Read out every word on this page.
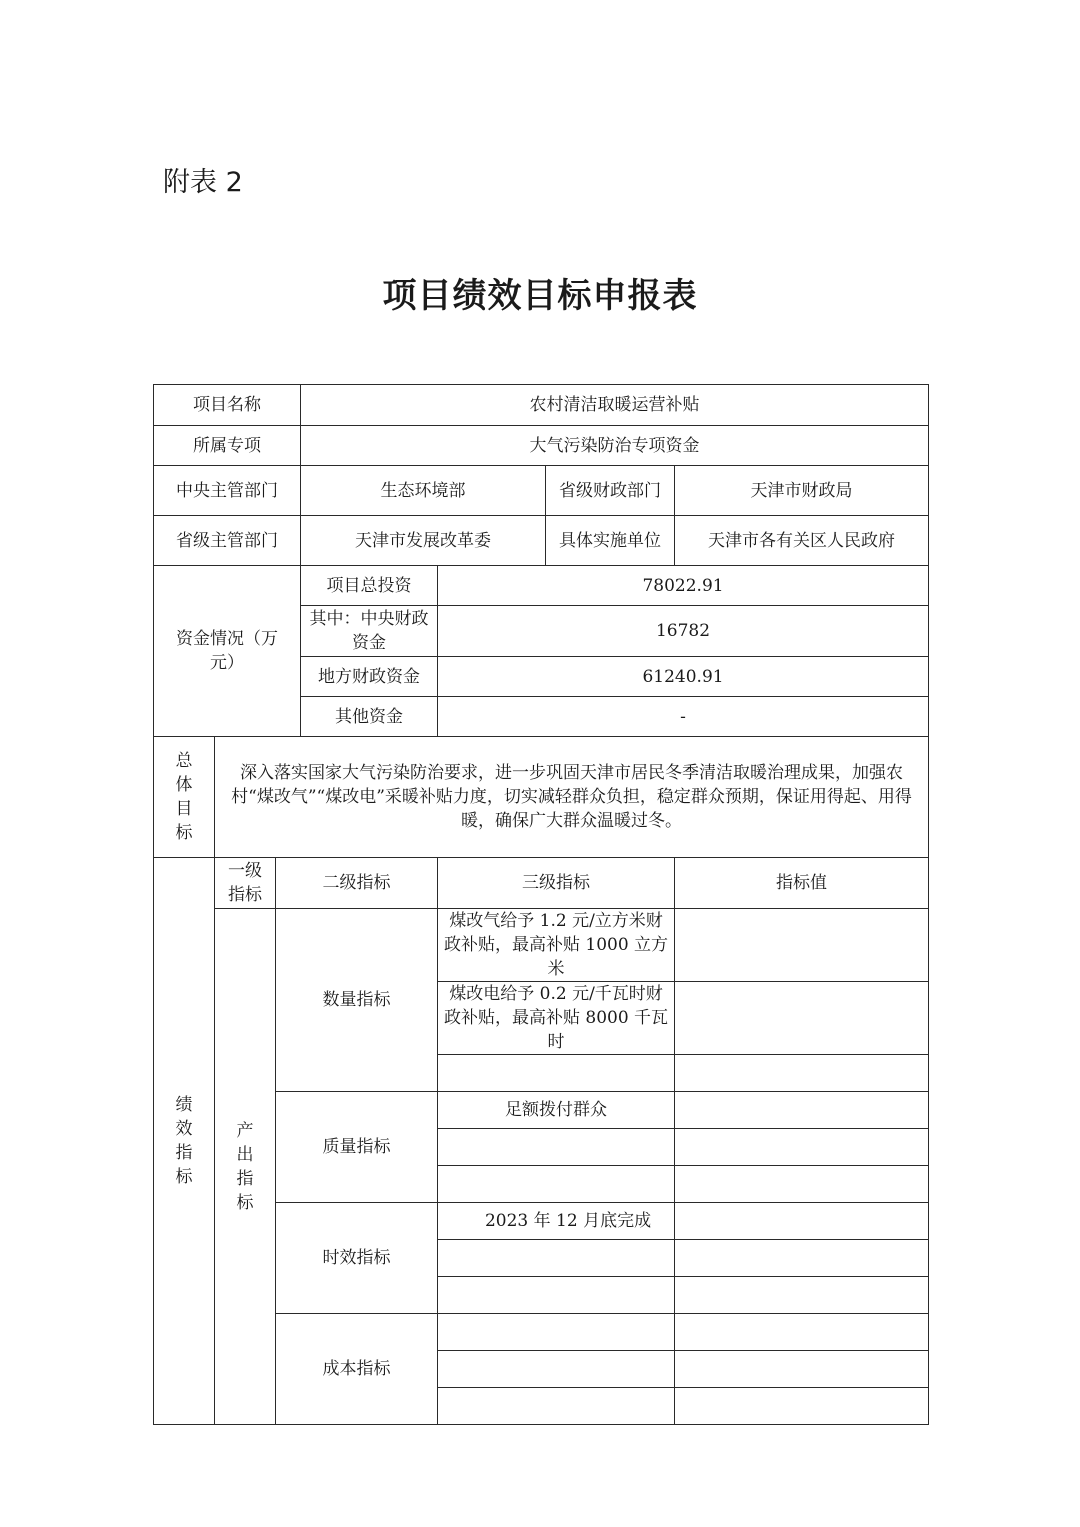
附表 2
项目绩效目标申报表
项目名称			农村清洁取暖运营补贴			
所属专项			大气污染防治专项资金			
中央主管部门			生态环境部		省级财政部门	天津市财政局
省级主管部门			天津市发展改革委		具体实施单位	天津市各有关区人民政府
资金情况（万元）			项目总投资	78022.91		
			其中：中央财政资金	16782		
			地方财政资金	61240.91		
			其他资金	-		
总体目标	深入落实国家大气污染防治要求，进一步巩固天津市居民冬季清洁取暖治理成果，加强农村“煤改气”“煤改电”采暖补贴力度，切实减轻群众负担，稳定群众预期，保证用得起、用得暖，确保广大群众温暖过冬。					
绩效指标	一级指标	二级指标		三级指标		指标值
	产出指标	数量指标		煤改气给予 1.2 元/立方米财政补贴，最高补贴 1000 立方米		
				煤改电给予 0.2 元/千瓦时财政补贴，最高补贴 8000 千瓦时		

		质量指标		足额拨付群众		

		时效指标		2023 年 12 月底完成		

		成本指标				
